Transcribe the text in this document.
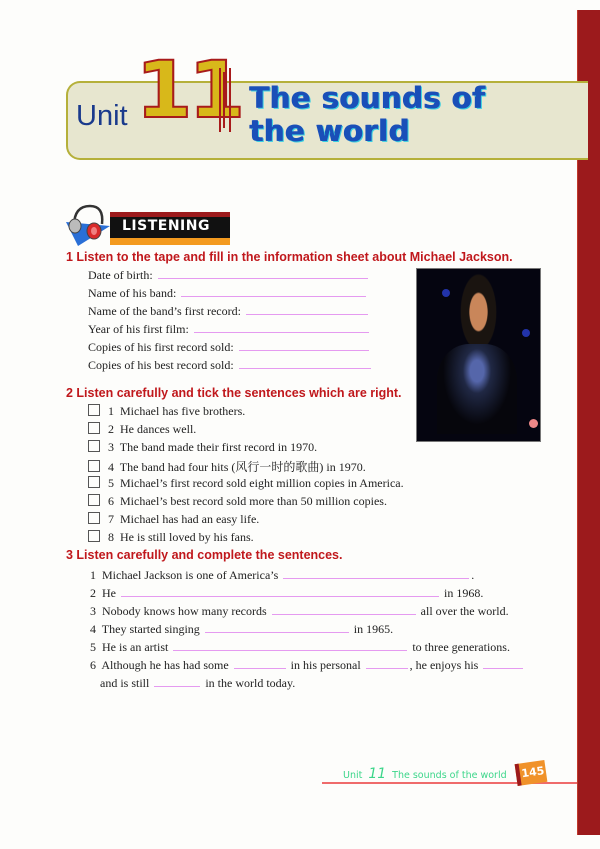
Unit 11 The sounds of
the world
LISTENING
1 Listen to the tape and fill in the information sheet about Michael Jackson.
Date of birth:
Name of his band:
Name of the band’s first record:
Year of his first film:
Copies of his first record sold:
Copies of his best record sold:
2 Listen carefully and tick the sentences which are right.
1 Michael has five brothers.
2 He dances well.
3 The band made their first record in 1970.
4 The band had four hits (风行一时的歌曲) in 1970.
5 Michael’s first record sold eight million copies in America.
6 Michael’s best record sold more than 50 million copies.
7 Michael has had an easy life.
8 He is still loved by his fans.
3 Listen carefully and complete the sentences.
1 Michael Jackson is one of America’s	.
2 He	in 1968.
3 Nobody knows how many records	all over the world.
4 They started singing	in 1965.
5 He is an artist	to three generations.
6 Although he has had some	in his personal	, he enjoys his
and is still	in the world today.
Unit 11 The sounds of the world	145
